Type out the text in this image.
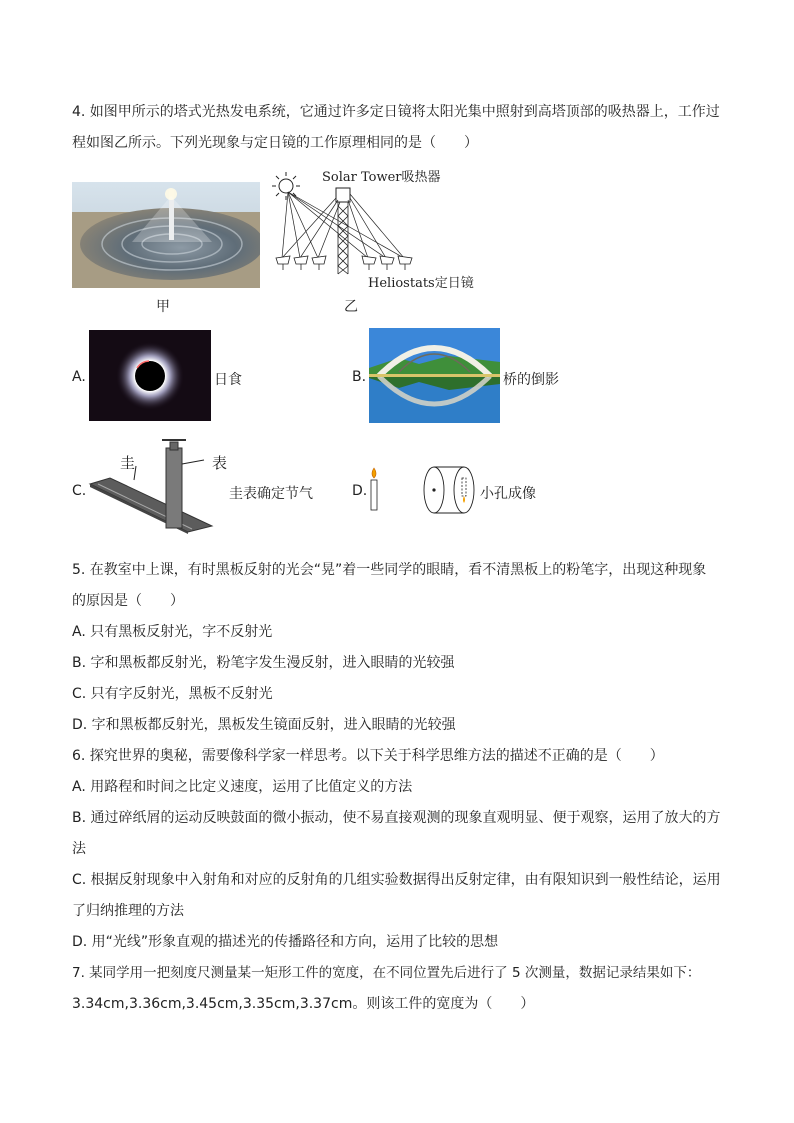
4. 如图甲所示的塔式光热发电系统，它通过许多定日镜将太阳光集中照射到高塔顶部的吸热器上，工作过
程如图乙所示。下列光现象与定日镜的工作原理相同的是（　　）
甲
Solar Tower吸热器
Heliostats定日镜
乙
A.	日食	B.	桥的倒影
C.
圭	表
圭表确定节气	D.	小孔成像
5. 在教室中上课，有时黑板反射的光会“晃”着一些同学的眼睛，看不清黑板上的粉笔字，出现这种现象
的原因是（　　）
A. 只有黑板反射光，字不反射光
B. 字和黑板都反射光，粉笔字发生漫反射，进入眼睛的光较强
C. 只有字反射光，黑板不反射光
D. 字和黑板都反射光，黑板发生镜面反射，进入眼睛的光较强
6. 探究世界的奥秘，需要像科学家一样思考。以下关于科学思维方法的描述不正确的是（　　）
A. 用路程和时间之比定义速度，运用了比值定义的方法
B. 通过碎纸屑的运动反映鼓面的微小振动，使不易直接观测的现象直观明显、便于观察，运用了放大的方
法
C. 根据反射现象中入射角和对应的反射角的几组实验数据得出反射定律，由有限知识到一般性结论，运用
了归纳推理的方法
D. 用“光线”形象直观的描述光的传播路径和方向，运用了比较的思想
7. 某同学用一把刻度尺测量某一矩形工件的宽度，在不同位置先后进行了 5 次测量，数据记录结果如下：
3.34cm,3.36cm,3.45cm,3.35cm,3.37cm。则该工件的宽度为（　　）
